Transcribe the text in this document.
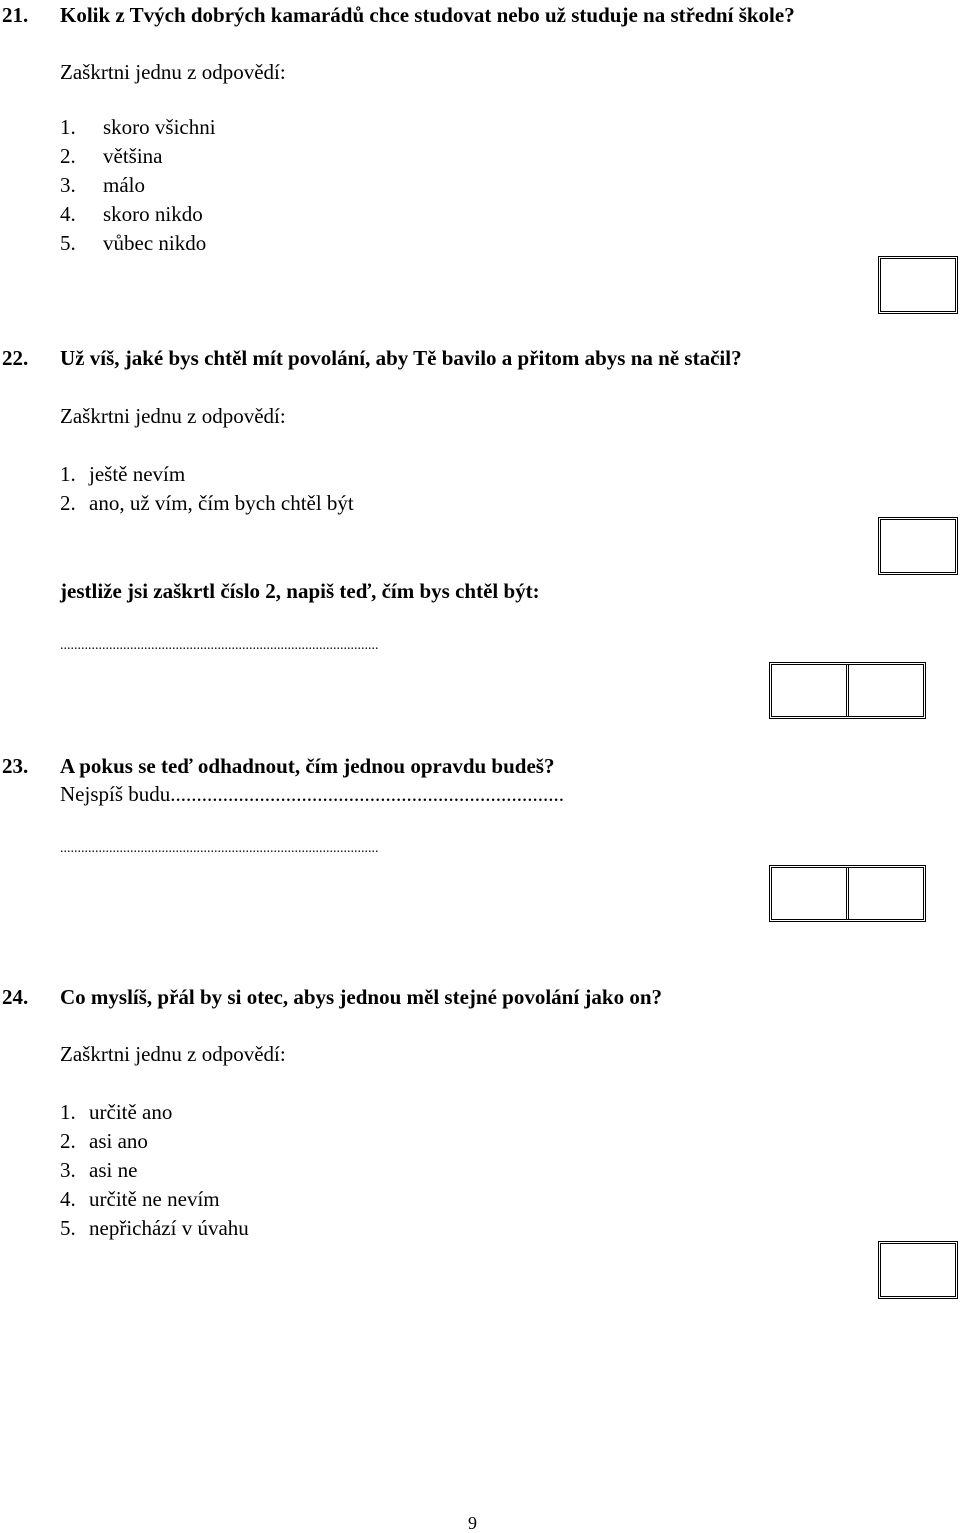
21. Kolik z Tvých dobrých kamarádů chce studovat nebo už studuje na střední škole?
Zaškrtni jednu z odpovědí:
1. skoro všichni
2. většina
3. málo
4. skoro nikdo
5. vůbec nikdo
22. Už víš, jaké bys chtěl mít povolání, aby Tě bavilo a přitom abys na ně stačil?
Zaškrtni jednu z odpovědí:
1. ještě nevím
2. ano, už vím, čím bych chtěl být
jestliže jsi zaškrtl číslo 2, napiš teď, čím bys chtěl být:
...........................................................................................
23. A pokus se teď odhadnout, čím jednou opravdu budeš?
Nejspíš budu...........................................................................
...........................................................................................
24. Co myslíš, přál by si otec, abys jednou měl stejné povolání jako on?
Zaškrtni jednu z odpovědí:
1. určitě ano
2. asi ano
3. asi ne
4. určitě ne nevím
5. nepřichází v úvahu
9
